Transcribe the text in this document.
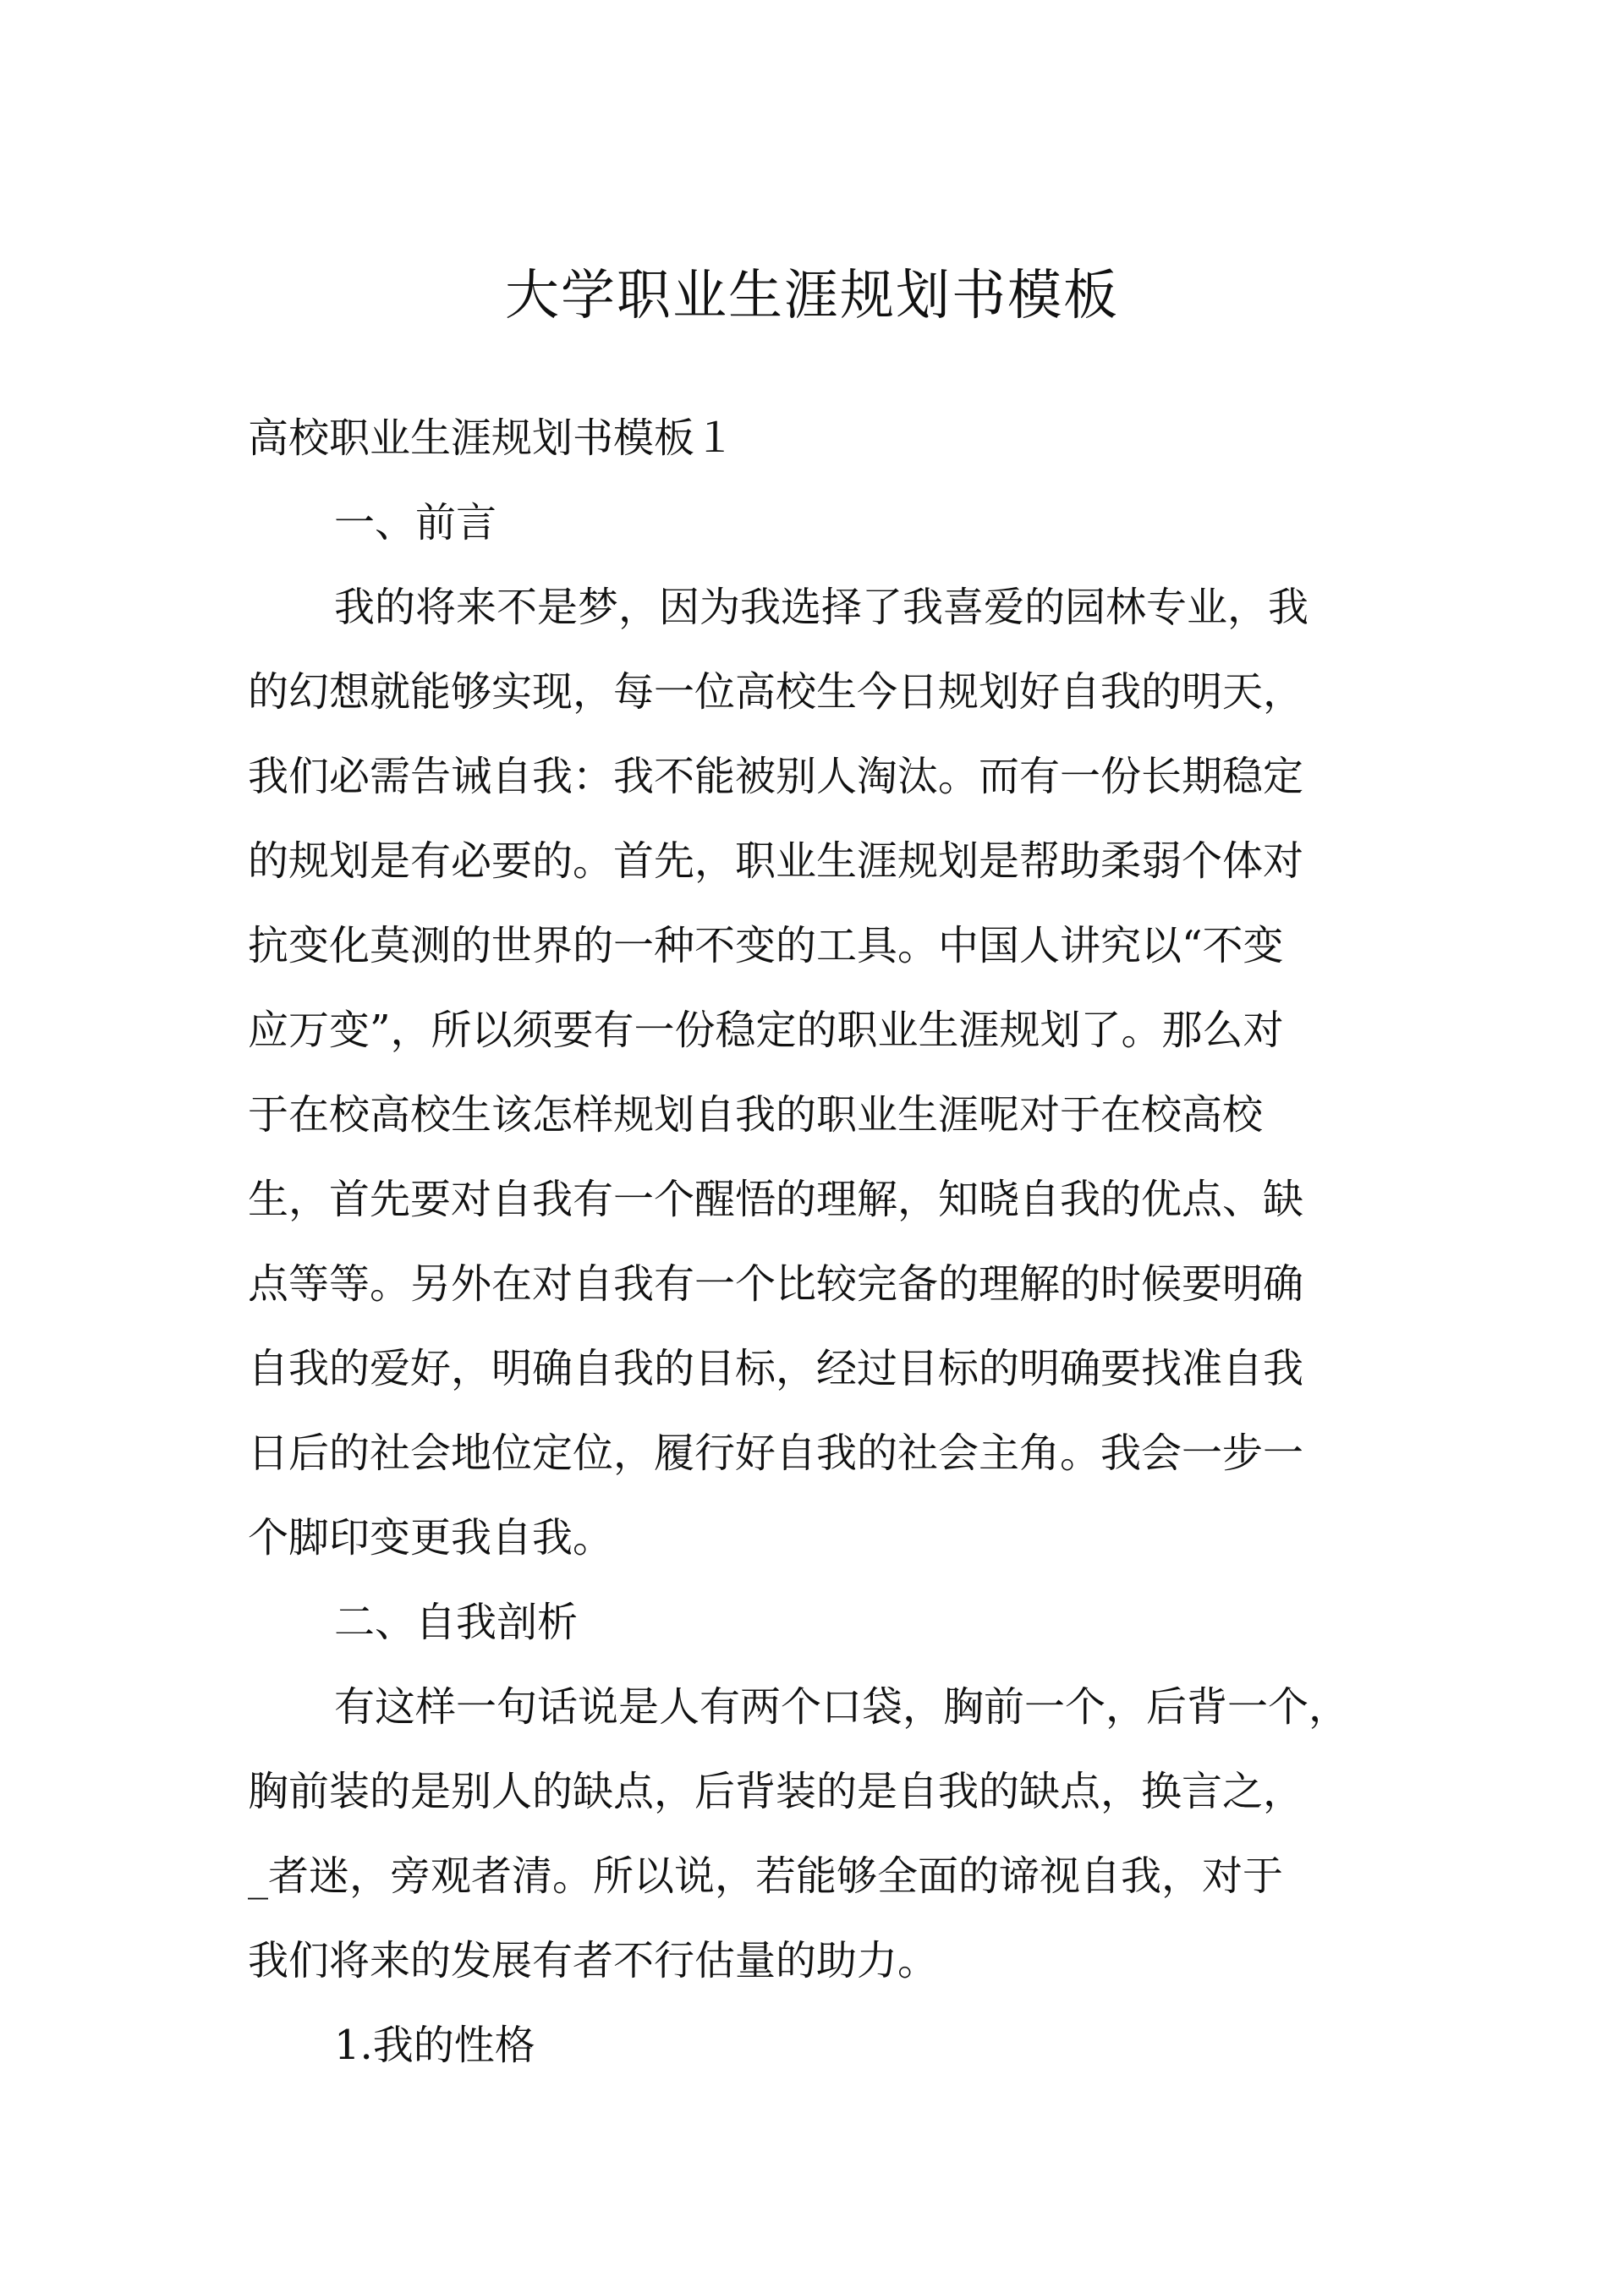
大学职业生涯规划书模板

高校职业生涯规划书模板１

一、前言

我的将来不是梦，因为我选择了我喜爱的园林专业，我

的幻想就能够实现，每一位高校生今日规划好自我的明天，

我们必需告诫自我：我不能被别人淘汰。而有一份长期稳定

的规划是有必要的。首先，职业生涯规划是帮助柔弱个体对

抗变化莫测的世界的一种不变的工具。中国人讲究以“不变

应万变”，所以须要有一份稳定的职业生涯规划了。那么对

于在校高校生该怎样规划自我的职业生涯呢对于在校高校

生，首先要对自我有一个醒悟的理解，知晓自我的优点、缺

点等等。另外在对自我有一个比较完备的理解的时候要明确

自我的爱好，明确自我的目标，经过目标的明确要找准自我

日后的社会地位定位，履行好自我的社会主角。我会一步一

个脚印变更我自我。

二、自我剖析

有这样一句话说是人有两个口袋，胸前一个，后背一个，

胸前装的是别人的缺点，后背装的是自我的缺点，换言之，

_者迷，旁观者清。所以说，若能够全面的谛视自我，对于

我们将来的发展有者不行估量的助力。

1.我的性格
